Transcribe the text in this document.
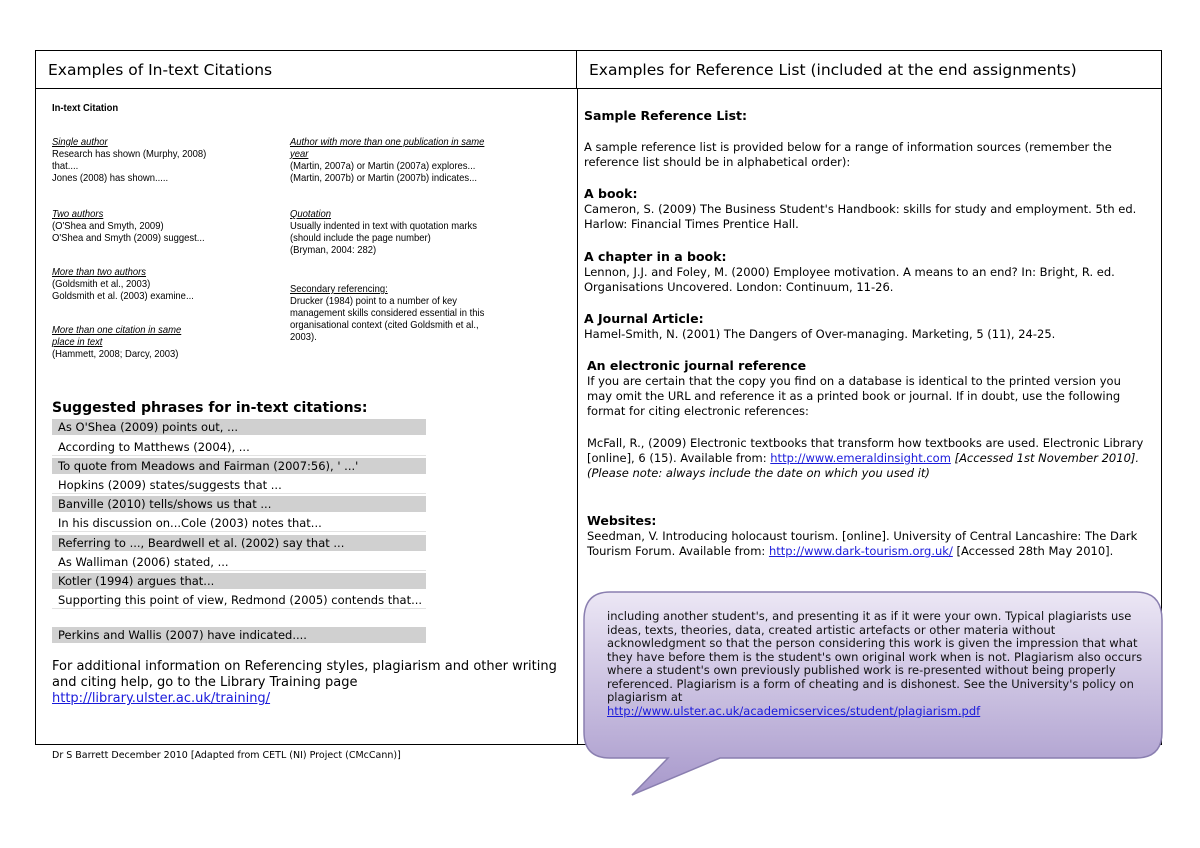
Examples of In-text Citations	Examples for Reference List (included at the end assignments)
In-text Citation
Single author
Research has shown (Murphy, 2008)
that....
Jones (2008) has shown.....
Two authors
(O'Shea and Smyth, 2009)
O'Shea and Smyth (2009) suggest...
More than two authors
(Goldsmith et al., 2003)
Goldsmith et al. (2003) examine...
More than one citation in same
place in text
(Hammett, 2008; Darcy, 2003)
Author with more than one publication in same
year
(Martin, 2007a) or Martin (2007a) explores...
(Martin, 2007b) or Martin (2007b) indicates...
Quotation
Usually indented in text with quotation marks
(should include the page number)
(Bryman, 2004: 282)
Secondary referencing:
Drucker (1984) point to a number of key
management skills considered essential in this
organisational context (cited Goldsmith et al.,
2003).
Suggested phrases for in-text citations:
As O'Shea (2009) points out, ...
According to Matthews (2004), ...
To quote from Meadows and Fairman (2007:56), ' ...'
Hopkins (2009) states/suggests that ...
Banville (2010) tells/shows us that ...
In his discussion on...Cole (2003) notes that...
Referring to ..., Beardwell et al. (2002) say that ...
As Walliman (2006) stated, ...
Kotler (1994) argues that...
Supporting this point of view, Redmond (2005) contends that...
Perkins and Wallis (2007) have indicated....
For additional information on Referencing styles, plagiarism and other writing and citing help, go to the Library Training page
http://library.ulster.ac.uk/training/
Sample Reference List:
A sample reference list is provided below for a range of information sources (remember the reference list should be in alphabetical order):
A book:
Cameron, S. (2009) The Business Student's Handbook: skills for study and employment. 5th ed. Harlow: Financial Times Prentice Hall.
A chapter in a book:
Lennon, J.J. and Foley, M. (2000) Employee motivation. A means to an end? In: Bright, R. ed. Organisations Uncovered. London: Continuum, 11-26.
A Journal Article:
Hamel-Smith, N. (2001) The Dangers of Over-managing. Marketing, 5 (11), 24-25.
An electronic journal reference
If you are certain that the copy you find on a database is identical to the printed version you may omit the URL and reference it as a printed book or journal. If in doubt, use the following format for citing electronic references:
McFall, R., (2009) Electronic textbooks that transform how textbooks are used. Electronic Library [online], 6 (15). Available from: http://www.emeraldinsight.com [Accessed 1st November 2010]. (Please note: always include the date on which you used it)
Websites:
Seedman, V. Introducing holocaust tourism. [online]. University of Central Lancashire: The Dark Tourism Forum. Available from: http://www.dark-tourism.org.uk/ [Accessed 28th May 2010].
including another student's, and presenting it as if it were your own. Typical plagiarists use ideas, texts, theories, data, created artistic artefacts or other materia without acknowledgment so that the person considering this work is given the impression that what they have before them is the student's own original work when is not. Plagiarism also occurs where a student's own previously published work is re-presented without being properly referenced. Plagiarism is a form of cheating and is dishonest. See the University's policy on plagiarism at
http://www.ulster.ac.uk/academicservices/student/plagiarism.pdf
Dr S Barrett December 2010 [Adapted from CETL (NI) Project (CMcCann)]
